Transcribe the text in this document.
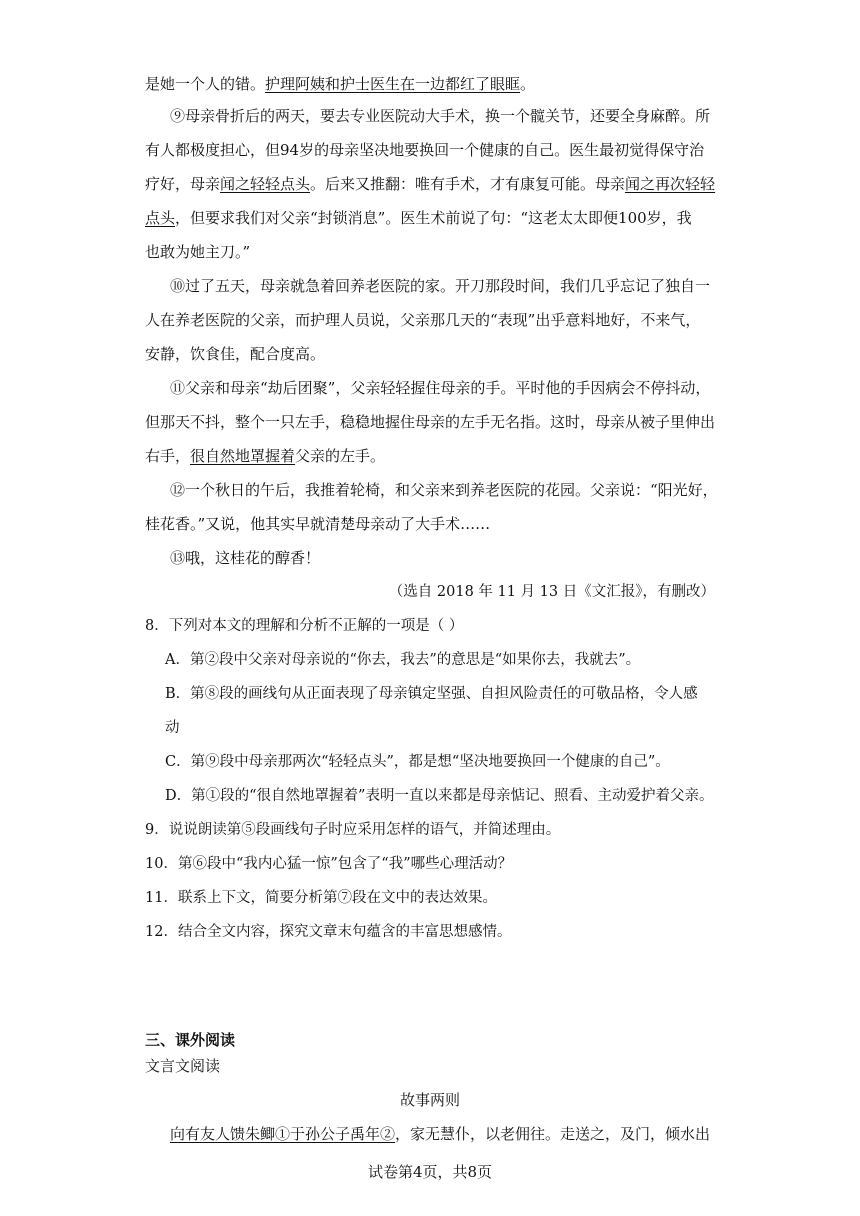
是她一个人的错。护理阿姨和护士医生在一边都红了眼眶。
⑨母亲骨折后的两天，要去专业医院动大手术，换一个髋关节，还要全身麻醉。所
有人都极度担心，但94岁的母亲坚决地要换回一个健康的自己。医生最初觉得保守治
疗好，母亲闻之轻轻点头。后来又推翻：唯有手术，才有康复可能。母亲闻之再次轻轻
点头，但要求我们对父亲“封锁消息”。医生术前说了句：“这老太太即便100岁，我
也敢为她主刀。”
⑩过了五天，母亲就急着回养老医院的家。开刀那段时间，我们几乎忘记了独自一
人在养老医院的父亲，而护理人员说，父亲那几天的“表现”出乎意料地好，不来气，
安静，饮食佳，配合度高。
⑪父亲和母亲“劫后团聚”，父亲轻轻握住母亲的手。平时他的手因病会不停抖动，
但那天不抖，整个一只左手，稳稳地握住母亲的左手无名指。这时，母亲从被子里伸出
右手，很自然地罩握着父亲的左手。
⑫一个秋日的午后，我推着轮椅，和父亲来到养老医院的花园。父亲说：“阳光好，
桂花香。”又说，他其实早就清楚母亲动了大手术……
⑬哦，这桂花的醇香！
（选自 2018 年 11 月 13 日《文汇报》，有删改）
8．下列对本文的理解和分析不正解的一项是（ ）
A．第②段中父亲对母亲说的“你去，我去”的意思是“如果你去，我就去”。
B．第⑧段的画线句从正面表现了母亲镇定坚强、自担风险责任的可敬品格，令人感
动
C．第⑨段中母亲那两次“轻轻点头”，都是想“坚决地要换回一个健康的自己”。
D．第①段的“很自然地罩握着”表明一直以来都是母亲惦记、照看、主动爱护着父亲。
9．说说朗读第⑤段画线句子时应采用怎样的语气，并简述理由。
10．第⑥段中“我内心猛一惊”包含了“我”哪些心理活动？
11．联系上下文，简要分析第⑦段在文中的表达效果。
12．结合全文内容，探究文章末句蕴含的丰富思想感情。
三、课外阅读
文言文阅读
故事两则
向有友人馈朱鲫①于孙公子禹年②，家无慧仆，以老佣往。走送之，及门，倾水出
试卷第4页，共8页
